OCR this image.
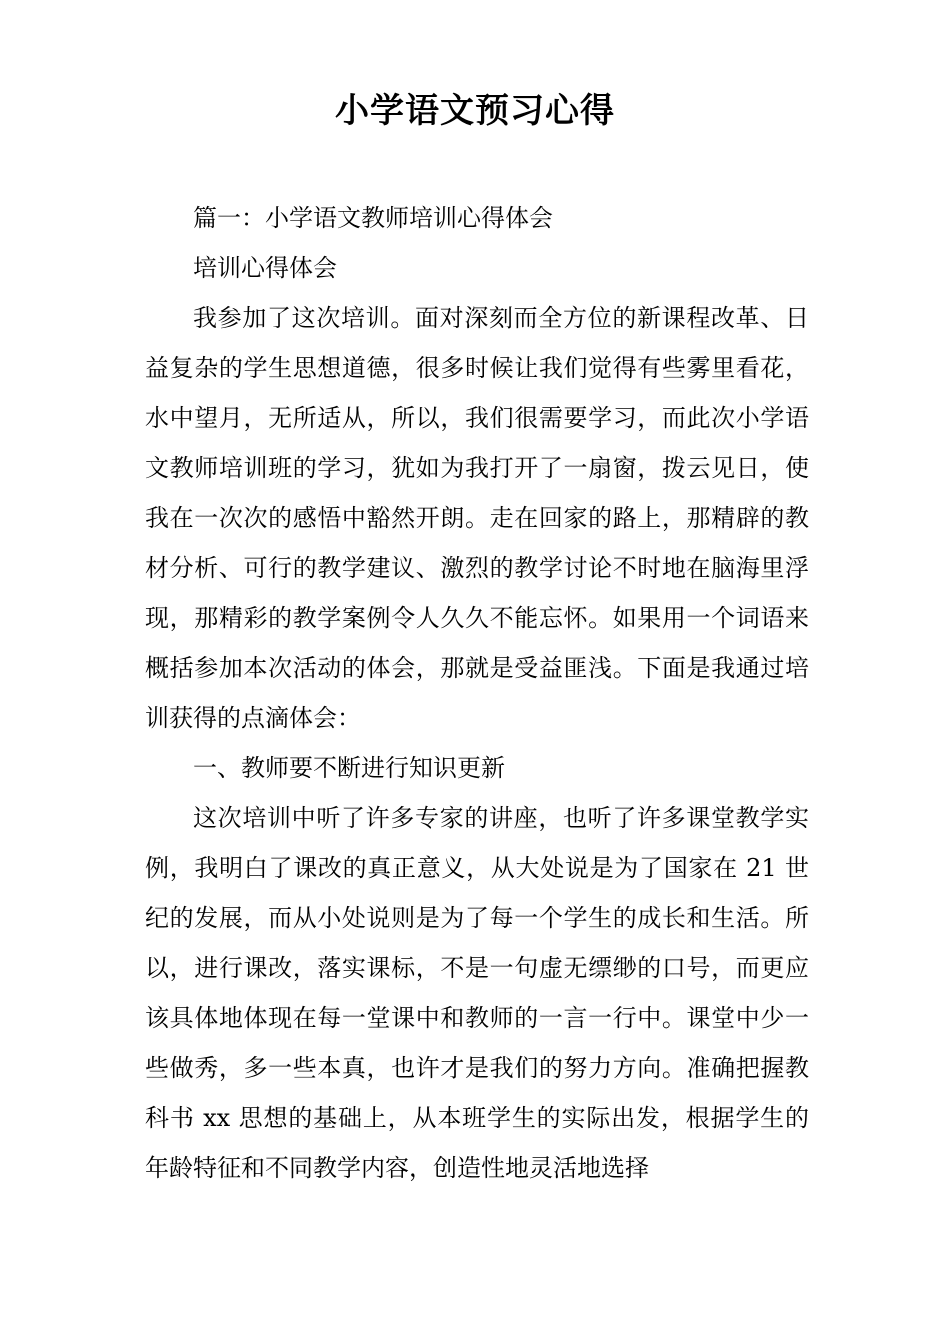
小学语文预习心得

篇一：小学语文教师培训心得体会

培训心得体会

我参加了这次培训。面对深刻而全方位的新课程改革、日益复杂的学生思想道德，很多时候让我们觉得有些雾里看花，水中望月，无所适从，所以，我们很需要学习，而此次小学语文教师培训班的学习，犹如为我打开了一扇窗，拨云见日，使我在一次次的感悟中豁然开朗。走在回家的路上，那精辟的教材分析、可行的教学建议、激烈的教学讨论不时地在脑海里浮现，那精彩的教学案例令人久久不能忘怀。如果用一个词语来概括参加本次活动的体会，那就是受益匪浅。下面是我通过培训获得的点滴体会：

一、教师要不断进行知识更新

这次培训中听了许多专家的讲座，也听了许多课堂教学实例，我明白了课改的真正意义，从大处说是为了国家在 21 世纪的发展，而从小处说则是为了每一个学生的成长和生活。所以，进行课改，落实课标，不是一句虚无缥缈的口号，而更应该具体地体现在每一堂课中和教师的一言一行中。课堂中少一些做秀，多一些本真，也许才是我们的努力方向。准确把握教科书 xx 思想的基础上，从本班学生的实际出发，根据学生的年龄特征和不同教学内容，创造性地灵活地选择
